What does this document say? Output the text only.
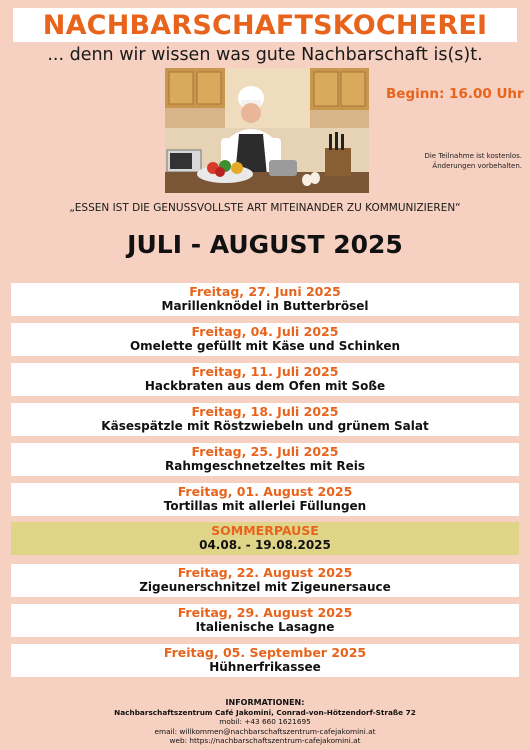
NACHBARSCHAFTSKOCHEREI
... denn wir wissen was gute Nachbarschaft is(s)t.
Beginn: 16.00 Uhr
Die Teilnahme ist kostenlos.
Änderungen vorbehalten.
„ESSEN IST DIE GENUSSVOLLSTE ART MITEINANDER ZU KOMMUNIZIEREN“
JULI - AUGUST 2025
Freitag, 27. Juni 2025
Marillenknödel in Butterbrösel
Freitag, 04. Juli 2025
Omelette gefüllt mit Käse und Schinken
Freitag, 11. Juli 2025
Hackbraten aus dem Ofen mit Soße
Freitag, 18. Juli 2025
Käsespätzle mit Röstzwiebeln und grünem Salat
Freitag, 25. Juli 2025
Rahmgeschnetzeltes mit Reis
Freitag, 01. August 2025
Tortillas mit allerlei Füllungen
SOMMERPAUSE
04.08. - 19.08.2025
Freitag, 22. August 2025
Zigeunerschnitzel mit Zigeunersauce
Freitag, 29. August 2025
Italienische Lasagne
Freitag, 05. September 2025
Hühnerfrikassee
INFORMATIONEN:
Nachbarschaftszentrum Café Jakomini, Conrad-von-Hötzendorf-Straße 72
mobil: +43 660 1621695
email: willkommen@nachbarschaftszentrum-cafejakomini.at
web: https://nachbarschaftszentrum-cafejakomini.at
